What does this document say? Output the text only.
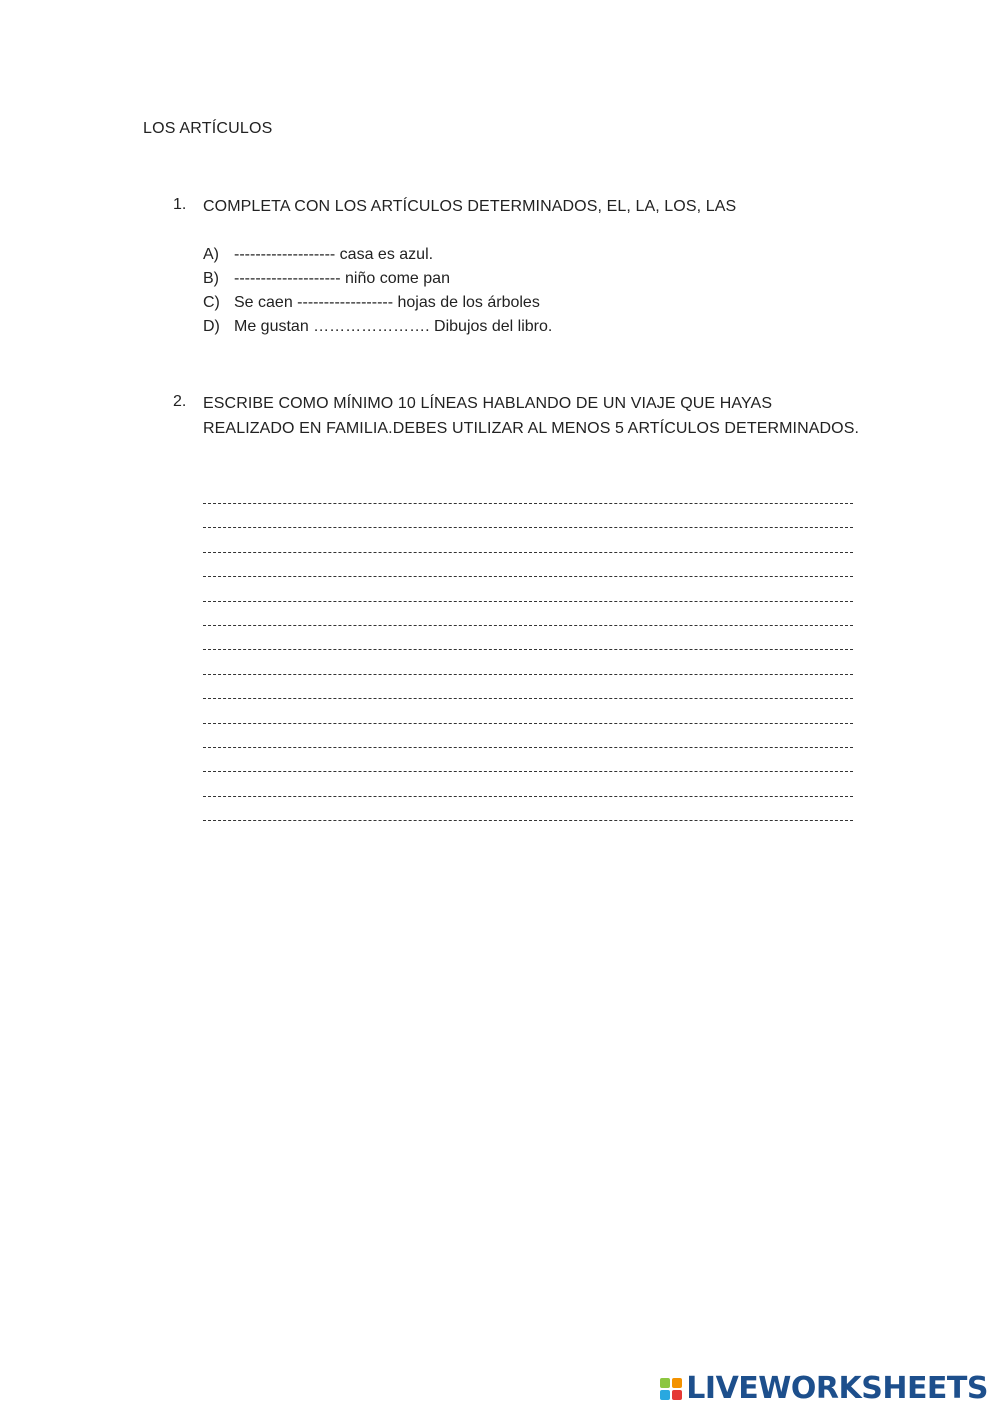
LOS ARTÍCULOS
1. COMPLETA CON LOS ARTÍCULOS DETERMINADOS, EL, LA, LOS, LAS
A) ------------------- casa es azul.
B) -------------------- niño come pan
C) Se caen ------------------ hojas de los árboles
D) Me gustan …………………. Dibujos del libro.
2. ESCRIBE COMO MÍNIMO 10 LÍNEAS HABLANDO DE UN VIAJE QUE HAYAS REALIZADO EN FAMILIA.DEBES UTILIZAR AL MENOS 5 ARTÍCULOS DETERMINADOS.
LIVEWORKSHEETS
